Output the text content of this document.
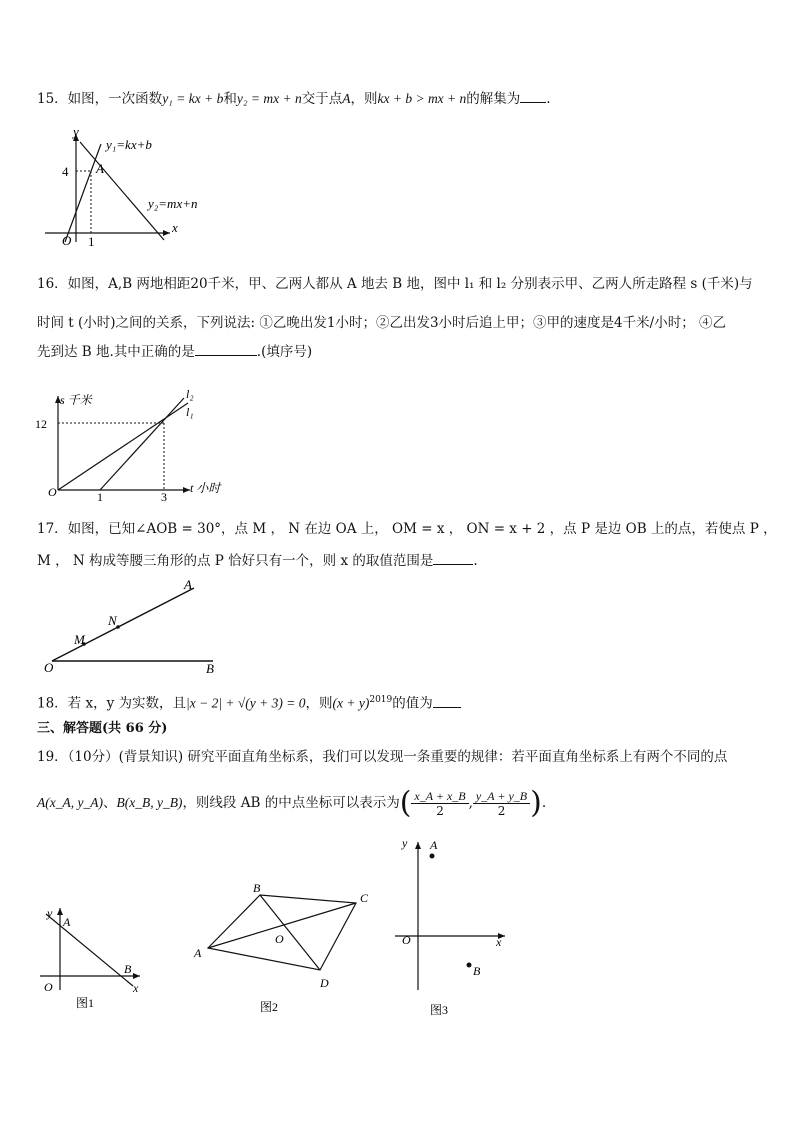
15．如图，一次函数y₁ = kx + b和y₂ = mx + n交于点A，则kx + b > mx + n的解集为 .
y
x
O
4
1
A
y₁=kx+b
y₂=mx+n
16．如图，A,B 两地相距20千米，甲、乙两人都从 A 地去 B 地，图中 l₁ 和 l₂ 分别表示甲、乙两人所走路程 s (千米)与
时间 t (小时)之间的关系，下列说法: ①乙晚出发1小时；②乙出发3小时后追上甲；③甲的速度是4千米/小时； ④乙
先到达 B 地.其中正确的是	.(填序号)
s 千米
t 小时
O
12
1	3
l₂
l₁
17．如图，已知∠AOB = 30°，点 M ， N 在边 OA 上， OM = x ， ON = x + 2 ，点 P 是边 OB 上的点，若使点 P ，
M ， N 构成等腰三角形的点 P 恰好只有一个，则 x 的取值范围是	.
O	B
A
N
M
18．若 x，y 为实数，且|x − 2| + √(y + 3) = 0，则$(x + y)^{2019}$的值为
三、解答题(共 66 分)
19．（10分）(背景知识) 研究平面直角坐标系，我们可以发现一条重要的规律：若平面直角坐标系上有两个不同的点
A(x_A, y_A)、B(x_B, y_B)，则线段 AB 的中点坐标可以表示为( $\frac{x\_A + x\_B}{2}$ , $\frac{y\_A + y\_B}{2}$ ).
y
x
O
A
B
图1
A
B
C
D
O
图2
y
x
O
A
B
图3
